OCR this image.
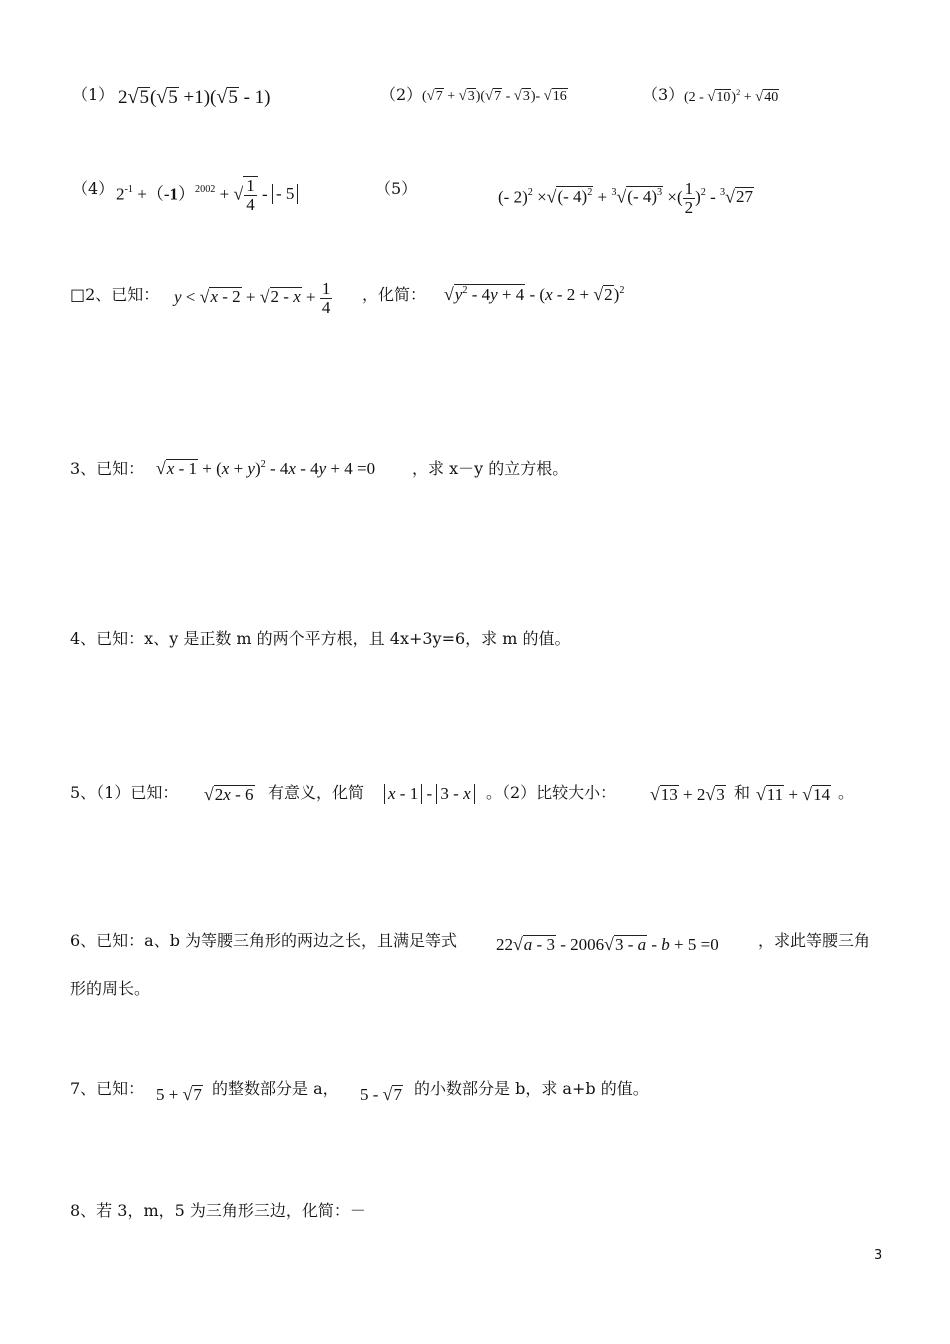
（1） 2√5(√5 +1)(√5 - 1)	（2） (√7 + √3)(√7 - √3)- √16	（3） (2 - √10)$^2$ + √40
（4） $2^{-1} +(-1)^{2002}$ + √ $\frac{1}{4}$ - - 5	（5）	(- 2)$^2$ ×√(- 4)$^2$ + $^3$√(- 4)$^3$ ×( $\frac{1}{2} )^2 - ^3√27$
□2、已知： $y < √x - 2 + √2 - x + \frac{1}{4}$ ，化简： $√y^2 - 4y + 4 - (x - 2 + √2)^2$
3、已知： $√x - 1 + (x + y)^2 - 4x - 4y + 4 =0$ ，求 x－y 的立方根。
4、已知：x、y 是正数 m 的两个平方根，且 4x+3y=6，求 m 的值。
5、（1）已知： √2x - 6 有意义，化简 x - 1 - 3 - x 。（2）比较大小： √13 + 2√3 和 √11 + √14 。
6、已知：a、b 为等腰三角形的两边之长，且满足等式 22√a - 3 - 2006√3 - a - b + 5 =0 ，求此等腰三角
形的周长。
7、已知： 5 + √7 的整数部分是 a， 5 - √7 的小数部分是 b，求 a+b 的值。
8、若 3，m，5 为三角形三边，化简：－
3
